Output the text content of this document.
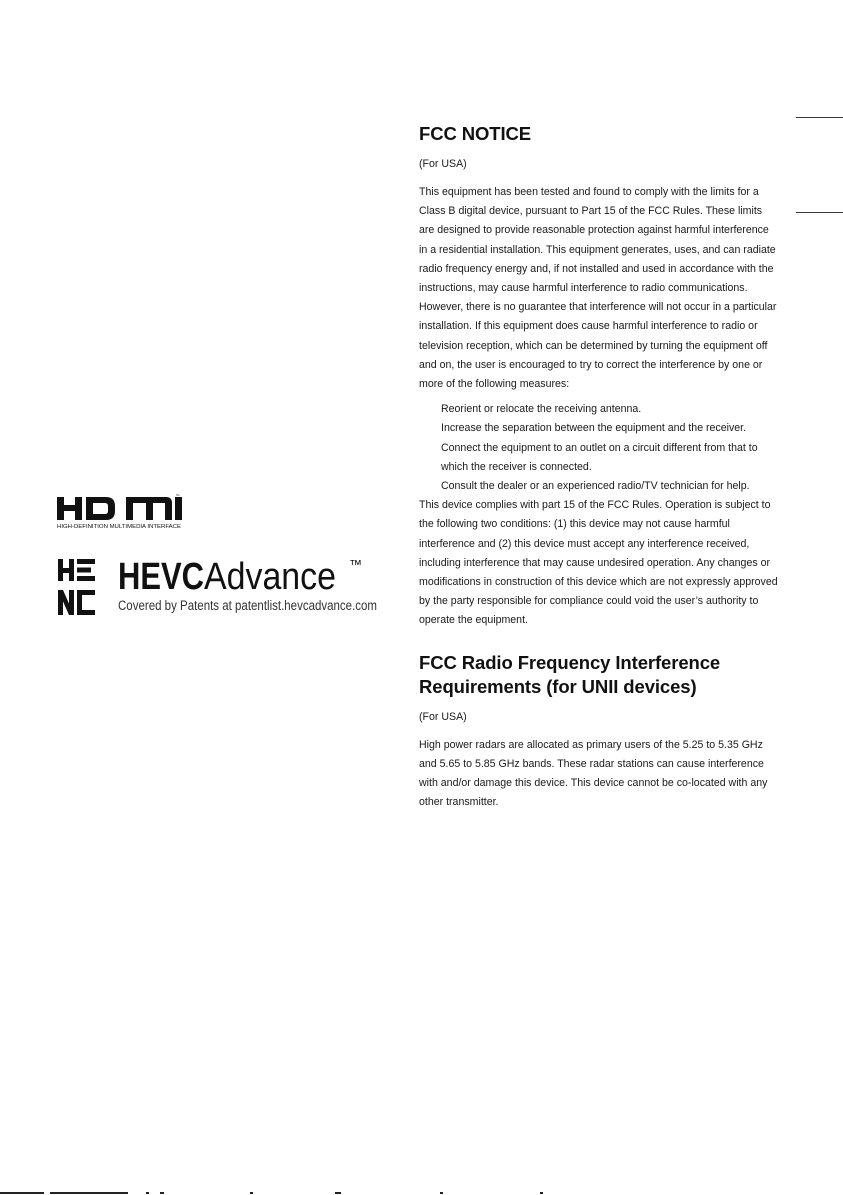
™
HIGH-DEFINITION MULTIMEDIA INTERFACE
HEVC Advance ™
Covered by Patents at patentlist.hevcadvance.com
FCC NOTICE

(For USA)

This equipment has been tested and found to comply with the limits for a Class B digital device, pursuant to Part 15 of the FCC Rules. These limits are designed to provide reasonable protection against harmful interference in a residential installation. This equipment generates, uses, and can radiate radio frequency energy and, if not installed and used in accordance with the instructions, may cause harmful interference to radio communications. However, there is no guarantee that interference will not occur in a particular installation. If this equipment does cause harmful interference to radio or television reception, which can be determined by turning the equipment off and on, the user is encouraged to try to correct the interference by one or more of the following measures:

Reorient or relocate the receiving antenna.
Increase the separation between the equipment and the receiver.
Connect the equipment to an outlet on a circuit different from that to which the receiver is connected.
Consult the dealer or an experienced radio/TV technician for help.

This device complies with part 15 of the FCC Rules. Operation is subject to the following two conditions: (1) this device may not cause harmful interference and (2) this device must accept any interference received, including interference that may cause undesired operation. Any changes or modifications in construction of this device which are not expressly approved by the party responsible for compliance could void the user’s authority to operate the equipment.

FCC Radio Frequency Interference Requirements (for UNII devices)

(For USA)

High power radars are allocated as primary users of the 5.25 to 5.35 GHz and 5.65 to 5.85 GHz bands. These radar stations can cause interference with and/or damage this device. This device cannot be co-located with any other transmitter.
